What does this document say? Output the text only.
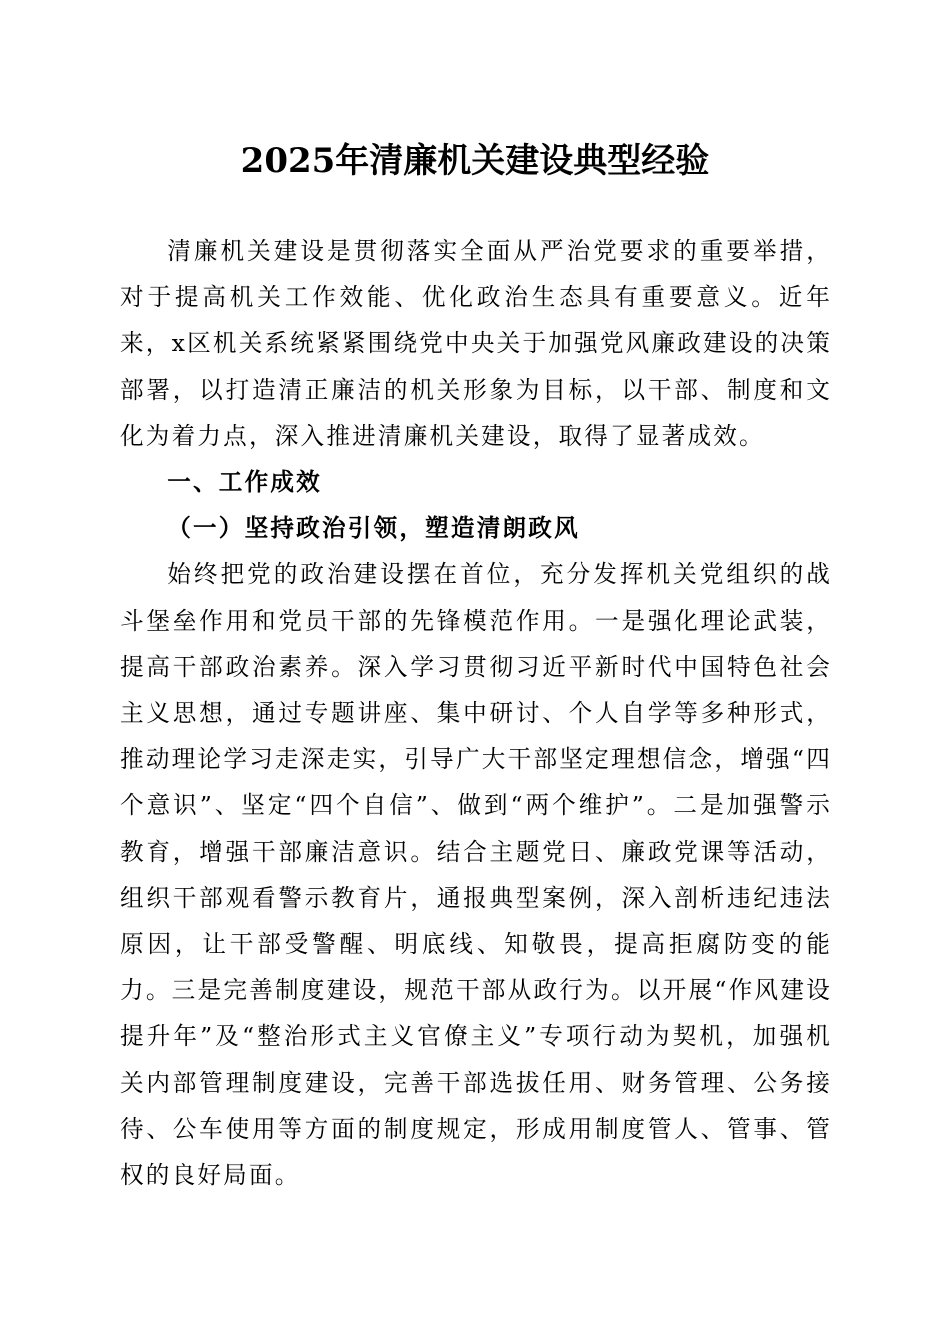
2025年清廉机关建设典型经验

清廉机关建设是贯彻落实全面从严治党要求的重要举措，对于提高机关工作效能、优化政治生态具有重要意义。近年来，x区机关系统紧紧围绕党中央关于加强党风廉政建设的决策部署，以打造清正廉洁的机关形象为目标，以干部、制度和文化为着力点，深入推进清廉机关建设，取得了显著成效。

一、工作成效

（一）坚持政治引领，塑造清朗政风

始终把党的政治建设摆在首位，充分发挥机关党组织的战斗堡垒作用和党员干部的先锋模范作用。一是强化理论武装，提高干部政治素养。深入学习贯彻习近平新时代中国特色社会主义思想，通过专题讲座、集中研讨、个人自学等多种形式，推动理论学习走深走实，引导广大干部坚定理想信念，增强“四个意识”、坚定“四个自信”、做到“两个维护”。二是加强警示教育，增强干部廉洁意识。结合主题党日、廉政党课等活动，组织干部观看警示教育片，通报典型案例，深入剖析违纪违法原因，让干部受警醒、明底线、知敬畏，提高拒腐防变的能力。三是完善制度建设，规范干部从政行为。以开展“作风建设提升年”及“整治形式主义官僚主义”专项行动为契机，加强机关内部管理制度建设，完善干部选拔任用、财务管理、公务接待、公车使用等方面的制度规定，形成用制度管人、管事、管权的良好局面。
